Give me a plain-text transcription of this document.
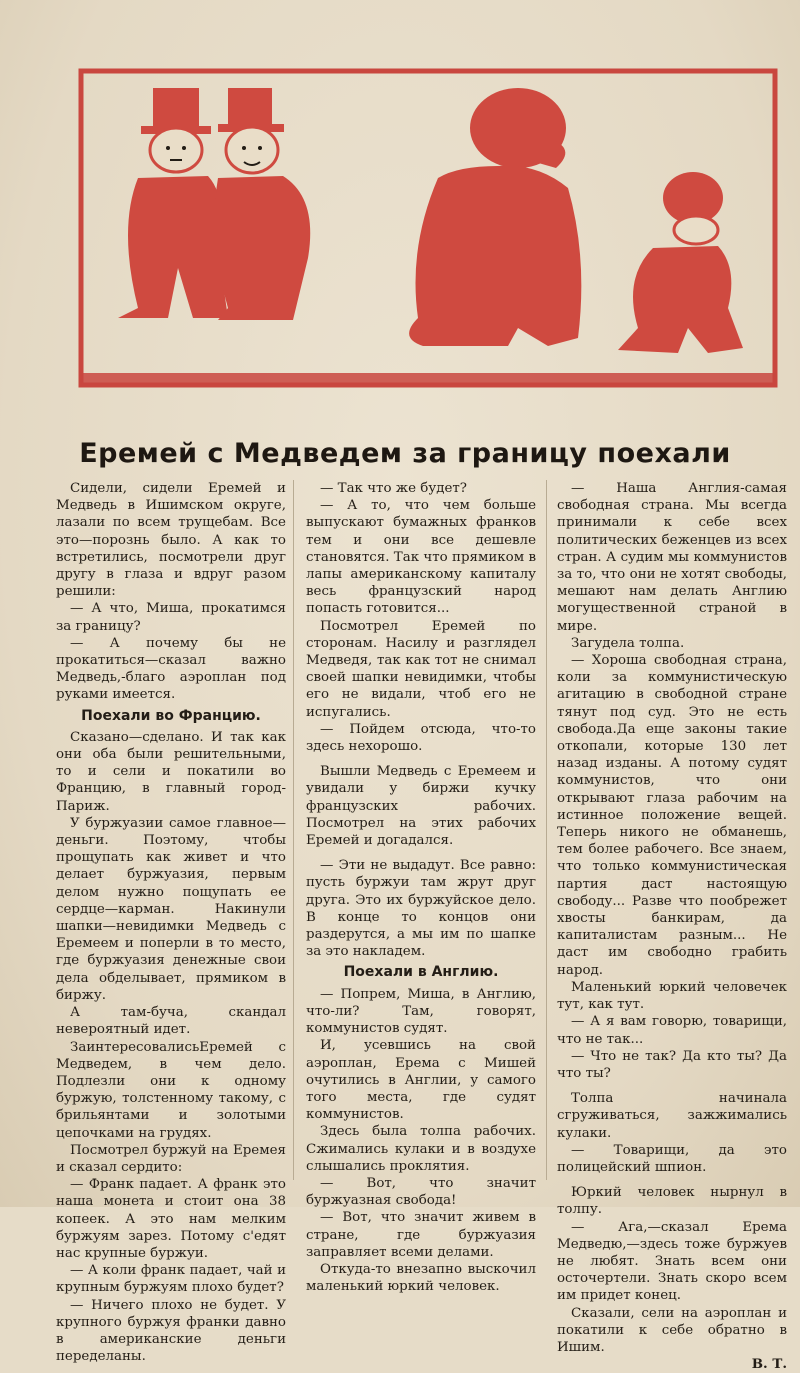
Еремей с Медведем за границу поехали

Сидели, сидели Еремей и Медведь в Ишимском округе, лазали по всем трущебам. Все это—порознь было. А как то встретились, посмотрели друг другу в глаза и вдруг разом решили:

— А что, Миша, прокатимся за границу?

— А почему бы не прокатиться—сказал важно Медведь,-благо аэроплан под руками имеется.

Поехали во Францию.

Сказано—сделано. И так как они оба были решительными, то и сели и покатили во Францию, в главный город-Париж.

У буржуазии самое главное—деньги. Поэтому, чтобы прощупать как живет и что делает буржуазия, первым делом нужно пощупать ее сердце—карман. Накинули шапки—невидимки Медведь с Еремеем и поперли в то место, где буржуазия денежные свои дела обделывает, прямиком в биржу.

А там-буча, скандал невероятный идет.

ЗаинтересовалисьЕремей с Медведем, в чем дело. Подлезли они к одному буржую, толстенному такому, с брильянтами и золотыми цепочками на грудях.

Посмотрел буржуй на Еремея и сказал сердито:

— Франк падает. А франк это наша монета и стоит она 38 копеек. А это нам мелким буржуям зарез. Потому с'едят нас крупные буржуи.

— А коли франк падает, чай и крупным буржуям плохо будет?

— Ничего плохо не будет. У крупного буржуя франки давно в американские деньги переделаны.

— Так что же будет?

— А то, что чем больше выпускают бумажных франков тем и они все дешевле становятся. Так что прямиком в лапы американскому капиталу весь французский народ попасть готовится...

Посмотрел Еремей по сторонам. Насилу и разглядел Медведя, так как тот не снимал своей шапки невидимки, чтобы его не видали, чтоб его не испугались.

— Пойдем отсюда, что-то здесь нехорошо.

Вышли Медведь с Еремеем и увидали у биржи кучку французских рабочих. Посмотрел на этих рабочих Еремей и догадался.

— Эти не выдадут. Все равно: пусть буржуи там жрут друг друга. Это их буржуйское дело. В конце то концов они раздерутся, а мы им по шапке за это накладем.

Поехали в Англию.

— Попрем, Миша, в Англию, что-ли? Там, говорят, коммунистов судят.

И, усевшись на свой аэроплан, Ерема с Мишей очутились в Англии, у самого того места, где судят коммунистов.

Здесь была толпа рабочих. Сжимались кулаки и в воздухе слышались проклятия.

— Вот, что значит буржуазная свобода!

— Вот, что значит живем в стране, где буржуазия заправляет всеми делами.

Откуда-то внезапно выскочил маленький юркий человек.

— Наша Англия-самая свободная страна. Мы всегда принимали к себе всех политических беженцев из всех стран. А судим мы коммунистов за то, что они не хотят свободы, мешают нам делать Англию могущественной страной в мире.

Загудела толпа.

— Хороша свободная страна, коли за коммунистическую агитацию в свободной стране тянут под суд. Это не есть свобода.Да еще законы такие откопали, которые 130 лет назад изданы. А потому судят коммунистов, что они открывают глаза рабочим на истинное положение вещей. Теперь никого не обманешь, тем более рабочего. Все знаем, что только коммунистическая партия даст настоящую свободу... Разве что пообрежет хвосты банкирам, да капиталистам разным... Не даст им свободно грабить народ.

Маленький юркий человечек тут, как тут.

— А я вам говорю, товарищи, что не так...

— Что не так? Да кто ты? Да что ты?

Толпа начинала сгруживаться, зажжимались кулаки.

— Товарищи, да это полицейский шпион.

Юркий человек нырнул в толпу.

— Ага,—сказал Ерема Медведю,—здесь тоже буржуев не любят. Знать всем они осточертели. Знать скоро всем им придет конец.

Сказали, сели на аэроплан и покатили к себе обратно в Ишим.

В. Т.
